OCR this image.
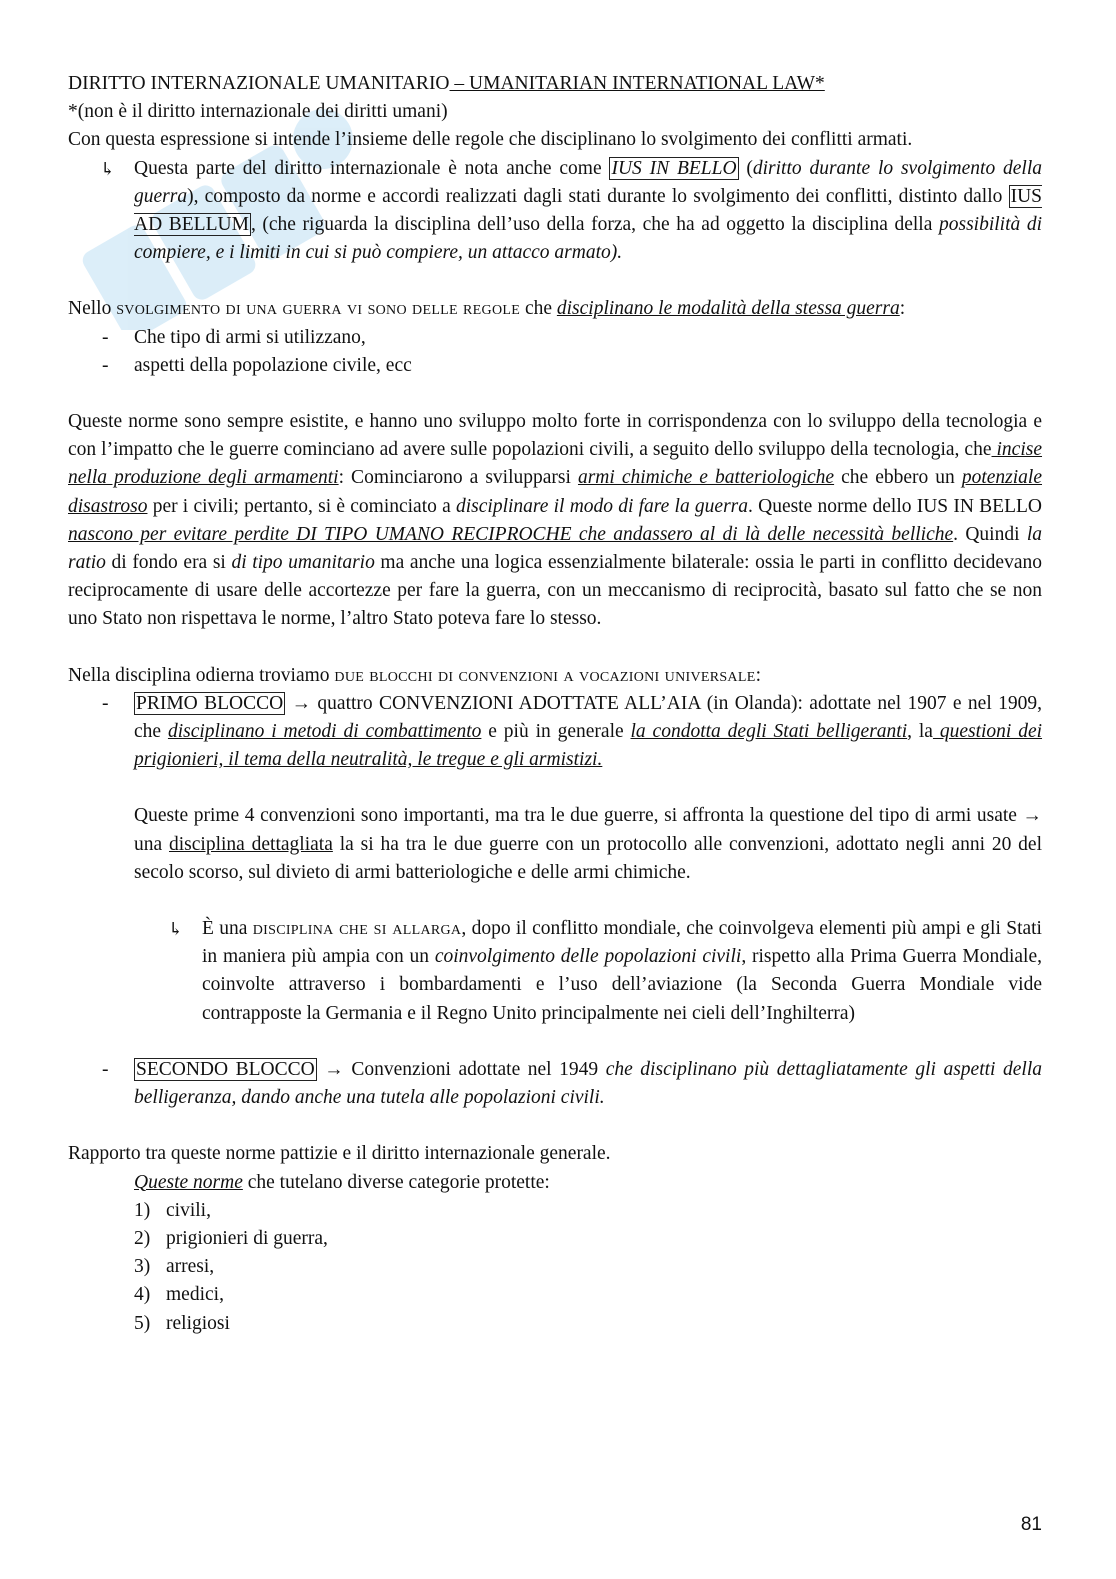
DIRITTO INTERNAZIONALE UMANITARIO – UMANITARIAN INTERNATIONAL LAW*

*(non è il diritto internazionale dei diritti umani)

Con questa espressione si intende l’insieme delle regole che disciplinano lo svolgimento dei conflitti armati.

↳ Questa parte del diritto internazionale è nota anche come IUS IN BELLO (diritto durante lo svolgimento della guerra), composto da norme e accordi realizzati dagli stati durante lo svolgimento dei conflitti, distinto dallo IUS AD BELLUM , (che riguarda la disciplina dell’uso della forza, che ha ad oggetto la disciplina della possibilità di compiere, e i limiti in cui si può compiere, un attacco armato).

Nello svolgimento di una guerra vi sono delle regole che disciplinano le modalità della stessa guerra:

- Che tipo di armi si utilizzano,
- aspetti della popolazione civile, ecc

Queste norme sono sempre esistite, e hanno uno sviluppo molto forte in corrispondenza con lo sviluppo della tecnologia e con l’impatto che le guerre cominciano ad avere sulle popolazioni civili, a seguito dello sviluppo della tecnologia, che incise nella produzione degli armamenti: Cominciarono a svilupparsi armi chimiche e batteriologiche che ebbero un potenziale disastroso per i civili; pertanto, si è cominciato a disciplinare il modo di fare la guerra. Queste norme dello IUS IN BELLO nascono per evitare perdite DI TIPO UMANO RECIPROCHE che andassero al di là delle necessità belliche. Quindi la ratio di fondo era si di tipo umanitario ma anche una logica essenzialmente bilaterale: ossia le parti in conflitto decidevano reciprocamente di usare delle accortezze per fare la guerra, con un meccanismo di reciprocità, basato sul fatto che se non uno Stato non rispettava le norme, l’altro Stato poteva fare lo stesso.

Nella disciplina odierna troviamo due blocchi di convenzioni a vocazioni universale:

- PRIMO BLOCCO → quattro CONVENZIONI ADOTTATE ALL’AIA (in Olanda): adottate nel 1907 e nel 1909, che disciplinano i metodi di combattimento e più in generale la condotta degli Stati belligeranti, la questioni dei prigionieri, il tema della neutralità, le tregue e gli armistizi.
Queste prime 4 convenzioni sono importanti, ma tra le due guerre, si affronta la questione del tipo di armi usate → una disciplina dettagliata la si ha tra le due guerre con un protocollo alle convenzioni, adottato negli anni 20 del secolo scorso, sul divieto di armi batteriologiche e delle armi chimiche.
↳ È una disciplina che si allarga, dopo il conflitto mondiale, che coinvolgeva elementi più ampi e gli Stati in maniera più ampia con un coinvolgimento delle popolazioni civili, rispetto alla Prima Guerra Mondiale, coinvolte attraverso i bombardamenti e l’uso dell’aviazione (la Seconda Guerra Mondiale vide contrapposte la Germania e il Regno Unito principalmente nei cieli dell’Inghilterra)
- SECONDO BLOCCO → Convenzioni adottate nel 1949 che disciplinano più dettagliatamente gli aspetti della belligeranza, dando anche una tutela alle popolazioni civili.

Rapporto tra queste norme pattizie e il diritto internazionale generale.

Queste norme che tutelano diverse categorie protette:
1) civili,
2) prigionieri di guerra,
3) arresi,
4) medici,
5) religiosi
81
